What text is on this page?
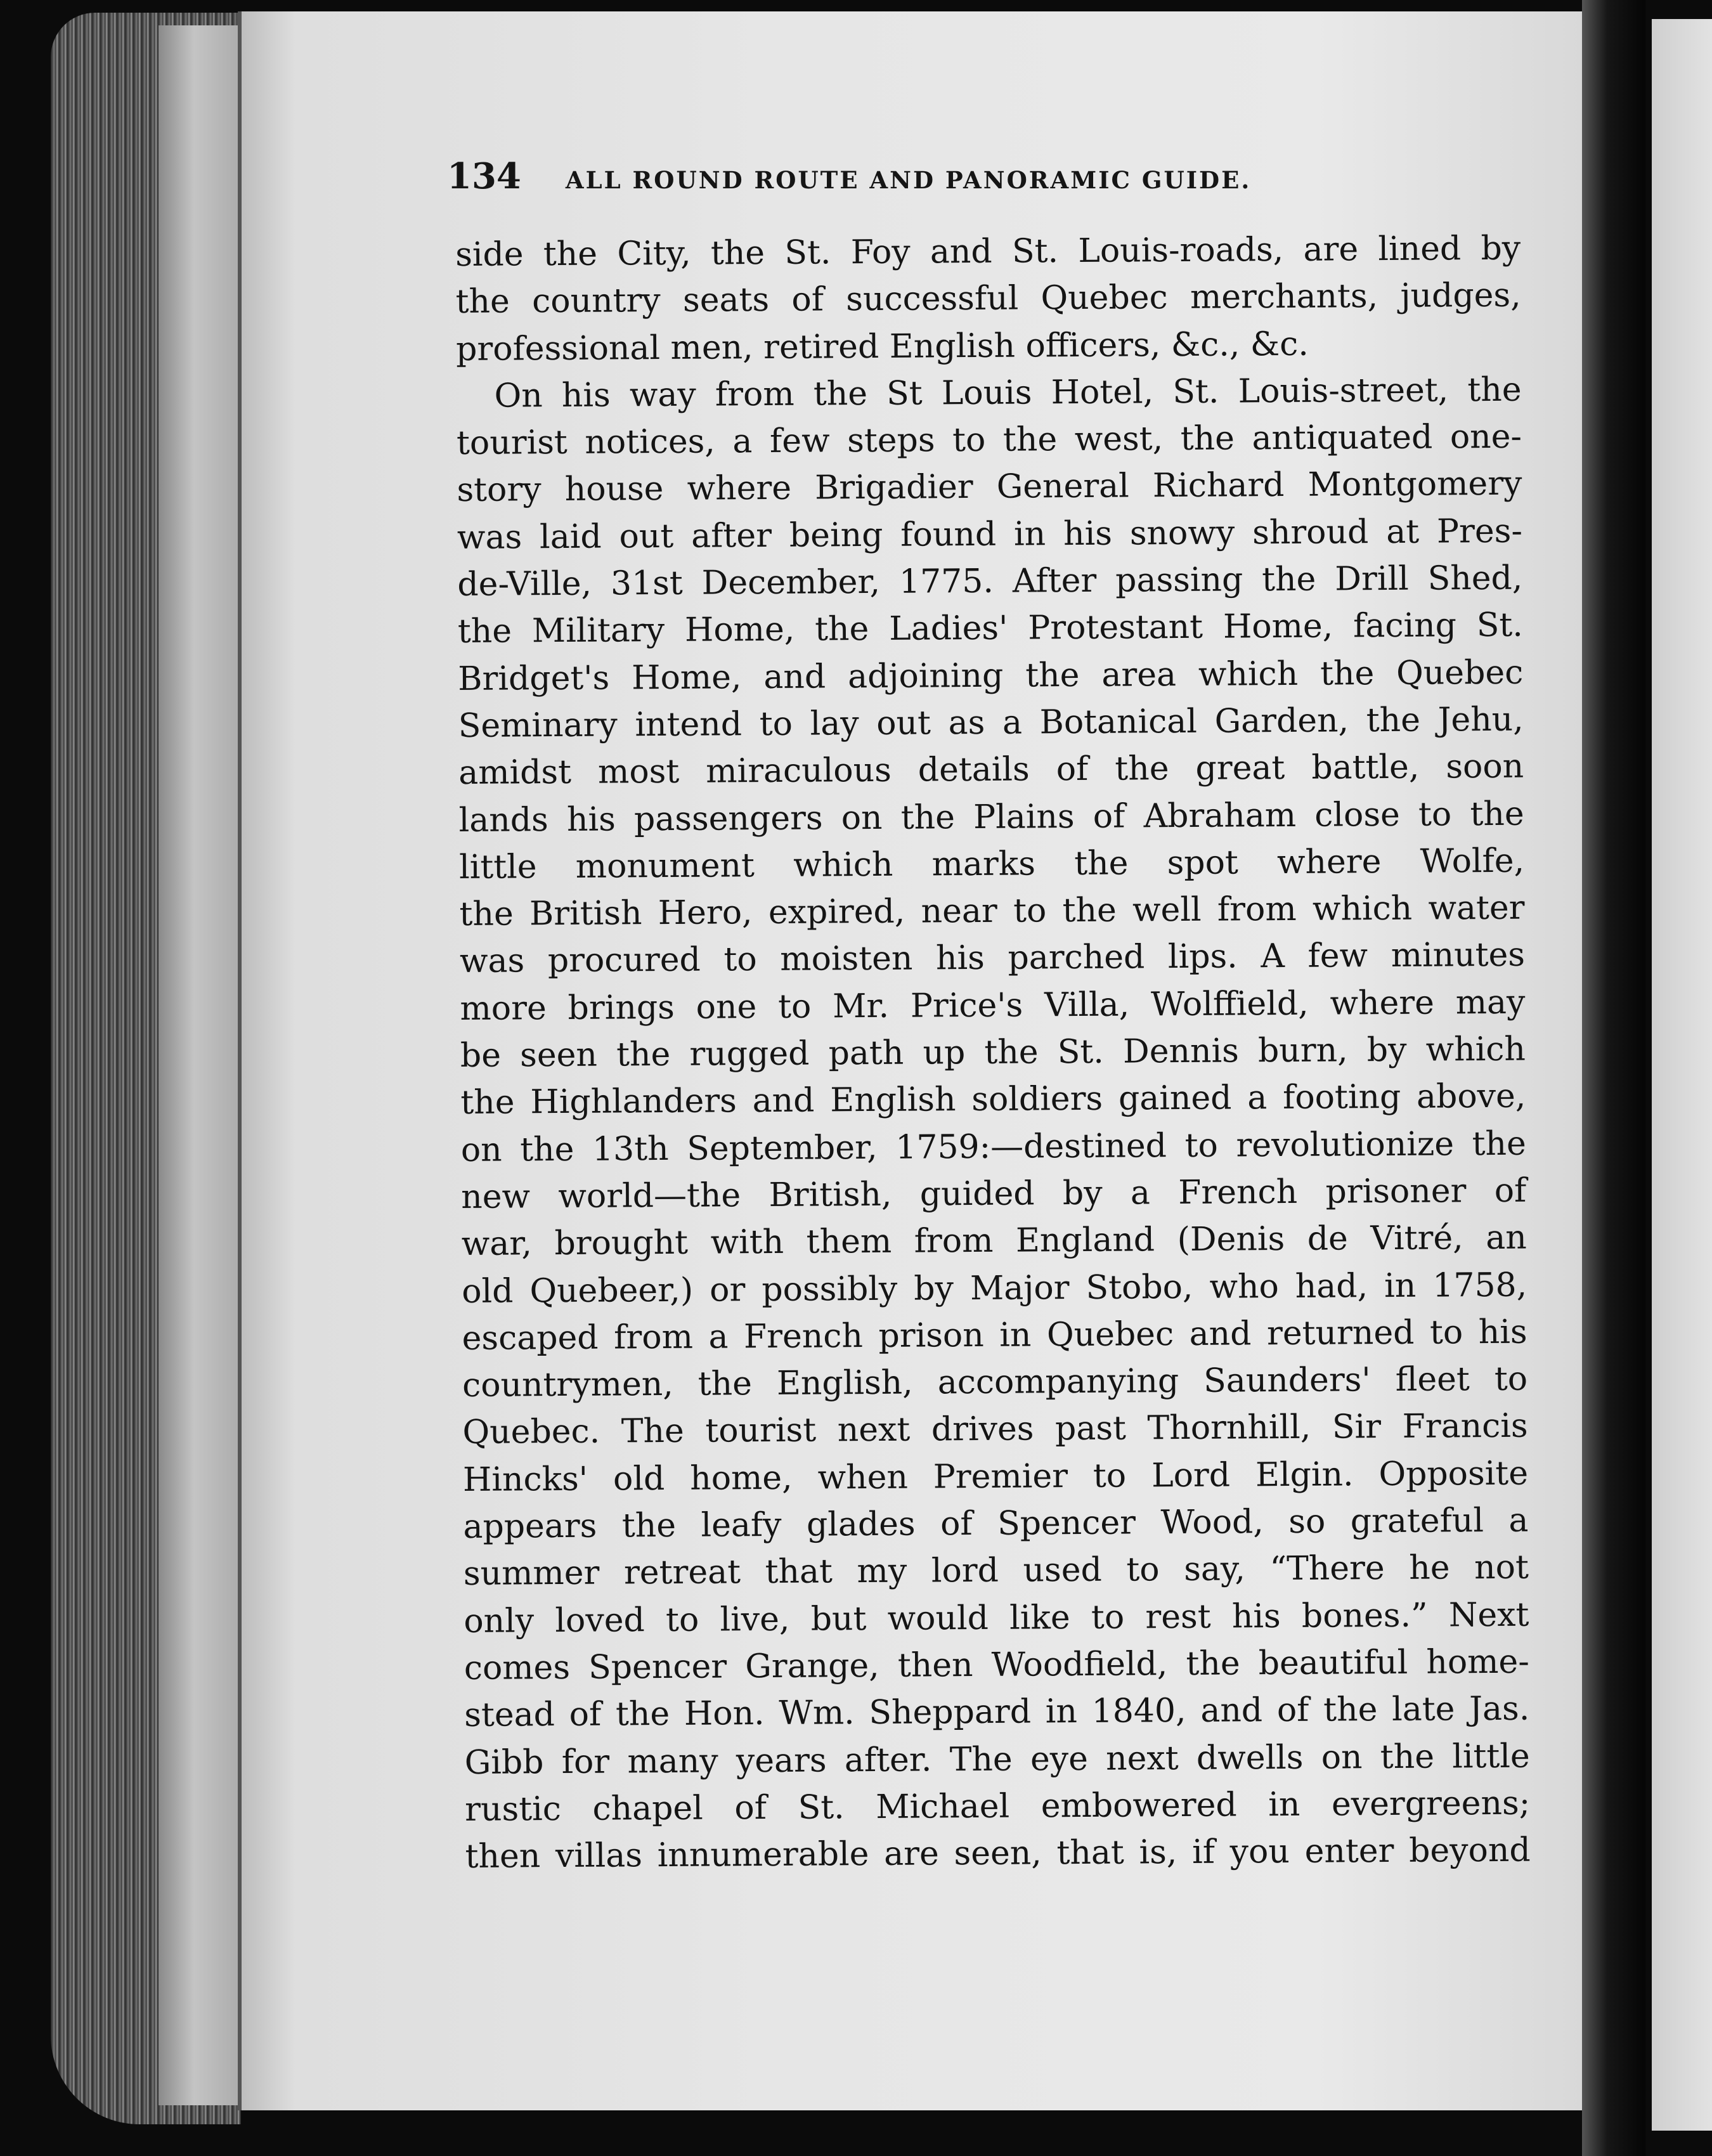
134 ALL ROUND ROUTE AND PANORAMIC GUIDE.
side the City, the St. Foy and St. Louis-roads, are lined by
the country seats of successful Quebec merchants, judges,
professional men, retired English officers, &c., &c.
On his way from the St Louis Hotel, St. Louis-street, the
tourist notices, a few steps to the west, the antiquated one-
story house where Brigadier General Richard Montgomery
was laid out after being found in his snowy shroud at Pres-
de-Ville, 31st December, 1775. After passing the Drill Shed,
the Military Home, the Ladies' Protestant Home, facing St.
Bridget's Home, and adjoining the area which the Quebec
Seminary intend to lay out as a Botanical Garden, the Jehu,
amidst most miraculous details of the great battle, soon
lands his passengers on the Plains of Abraham close to the
little monument which marks the spot where Wolfe,
the British Hero, expired, near to the well from which water
was procured to moisten his parched lips. A few minutes
more brings one to Mr. Price's Villa, Wolffield, where may
be seen the rugged path up the St. Dennis burn, by which
the Highlanders and English soldiers gained a footing above,
on the 13th September, 1759:—destined to revolutionize the
new world—the British, guided by a French prisoner of
war, brought with them from England (Denis de Vitré, an
old Quebeer,) or possibly by Major Stobo, who had, in 1758,
escaped from a French prison in Quebec and returned to his
countrymen, the English, accompanying Saunders' fleet to
Quebec. The tourist next drives past Thornhill, Sir Francis
Hincks' old home, when Premier to Lord Elgin. Opposite
appears the leafy glades of Spencer Wood, so grateful a
summer retreat that my lord used to say, “There he not
only loved to live, but would like to rest his bones.” Next
comes Spencer Grange, then Woodfield, the beautiful home-
stead of the Hon. Wm. Sheppard in 1840, and of the late Jas.
Gibb for many years after. The eye next dwells on the little
rustic chapel of St. Michael embowered in evergreens;
then villas innumerable are seen, that is, if you enter beyond
